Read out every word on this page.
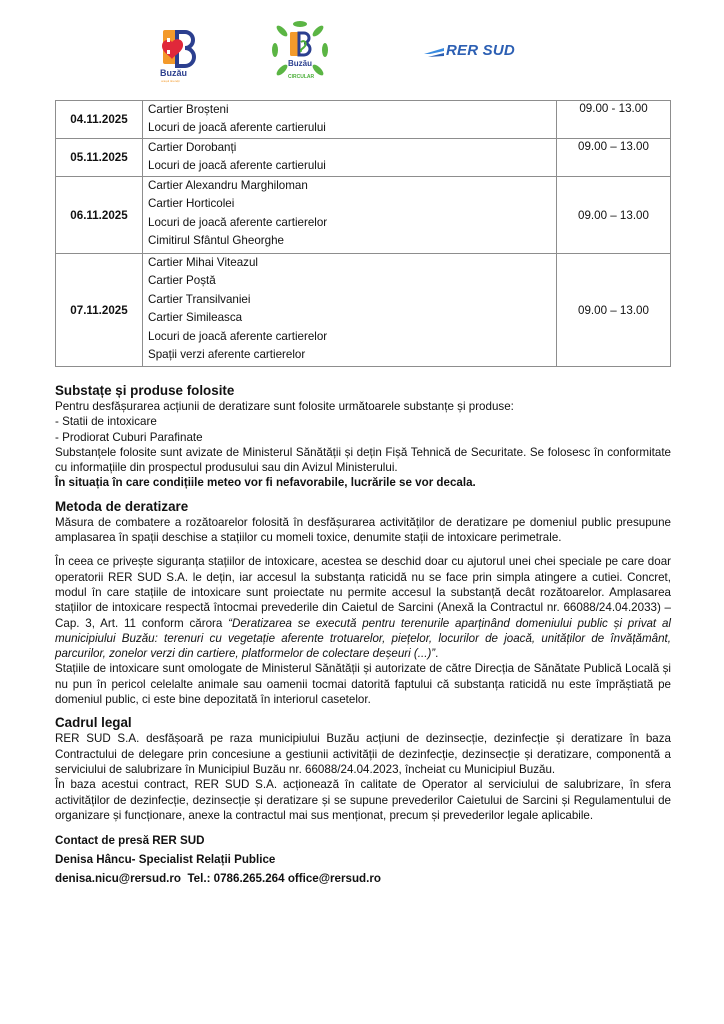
Buzău
orașul tinereții
Buzău
CIRCULAR
RER SUD
04.11.2025	Cartier Broșteni
Locuri de joacă aferente cartierului	09.00 - 13.00
05.11.2025	Cartier Dorobanți
Locuri de joacă aferente cartierului	09.00 – 13.00
06.11.2025	Cartier Alexandru Marghiloman
Cartier Horticolei
Locuri de joacă aferente cartierelor
Cimitirul Sfântul Gheorghe	09.00 – 13.00
07.11.2025	
Cartier Mihai Viteazul
Cartier Poștă
Cartier Transilvaniei
Cartier Simileasca
Locuri de joacă aferente cartierelor
Spații verzi aferente cartierelor
	09.00 – 13.00
Substațe și produse folosite

Pentru desfășurarea acțiunii de deratizare sunt folosite următoarele substanțe și produse:

- Statii de intoxicare

- Prodiorat Cuburi Parafinate

Substanțele folosite sunt avizate de Ministerul Sănătății și dețin Fișă Tehnică de Securitate. Se folosesc în conformitate cu informațiile din prospectul produsului sau din Avizul Ministerului.

În situația în care condițiile meteo vor fi nefavorabile, lucrările se vor decala.

Metoda de deratizare

Măsura de combatere a rozătoarelor folosită în desfășurarea activităților de deratizare pe domeniul public presupune amplasarea în spații deschise a stațiilor cu momeli toxice, denumite stații de intoxicare perimetrale.

În ceea ce privește siguranța stațiilor de intoxicare, acestea se deschid doar cu ajutorul unei chei speciale pe care doar operatorii RER SUD S.A. le dețin, iar accesul la substanța raticidă nu se face prin simpla atingere a cutiei. Concret, modul în care stațiile de intoxicare sunt proiectate nu permite accesul la substanță decât rozătoarelor. Amplasarea stațiilor de intoxicare respectă întocmai prevederile din Caietul de Sarcini (Anexă la Contractul nr. 66088/24.04.2033) – Cap. 3, Art. 11 conform cărora “Deratizarea se execută pentru terenurile aparținând domeniului public și privat al municipiului Buzău: terenuri cu vegetație aferente trotuarelor, piețelor, locurilor de joacă, unităților de învățământ, parcurilor, zonelor verzi din cartiere, platformelor de colectare deșeuri (...)”.

Stațiile de intoxicare sunt omologate de Ministerul Sănătății și autorizate de către Direcția de Sănătate Publică Locală și nu pun în pericol celelalte animale sau oamenii tocmai datorită faptului că substanța raticidă nu este împrăștiată pe domeniul public, ci este bine depozitată în interiorul casetelor.

Cadrul legal

RER SUD S.A. desfășoară pe raza municipiului Buzău acțiuni de dezinsecție, dezinfecție și deratizare în baza Contractului de delegare prin concesiune a gestiunii activității de dezinfecție, dezinsecție și deratizare, componentă a serviciului de salubrizare în Municipiul Buzău nr. 66088/24.04.2023, încheiat cu Municipiul Buzău.

În baza acestui contract, RER SUD S.A. acționează în calitate de Operator al serviciului de salubrizare, în sfera activităților de dezinfecție, dezinsecție și deratizare și se supune prevederilor Caietului de Sarcini și Regulamentului de organizare și funcționare, anexe la contractul mai sus menționat, precum și prevederilor legale aplicabile.

Contact de presă RER SUD
Denisa Hâncu- Specialist Relații Publice
denisa.nicu@rersud.ro Tel.: 0786.265.264 office@rersud.ro
